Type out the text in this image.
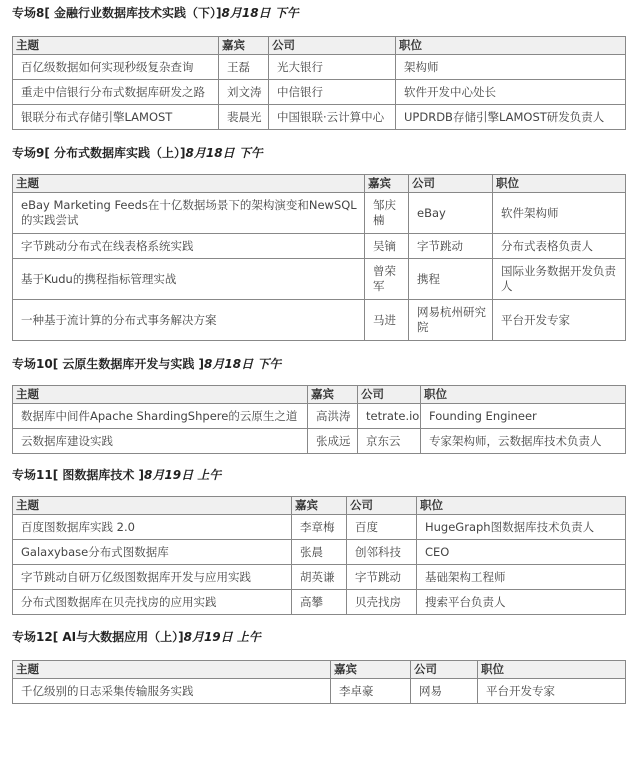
专场8[ 金融行业数据库技术实践（下）]8月18日 下午

主题	嘉宾	公司	职位
百亿级数据如何实现秒级复杂查询	王磊	光大银行	架构师
重走中信银行分布式数据库研发之路	刘文涛	中信银行	软件开发中心处长
银联分布式存储引擎LAMOST	裴晨光	中国银联·云计算中心	UPDRDB存储引擎LAMOST研发负责人

专场9[ 分布式数据库实践（上）]8月18日 下午

主题	嘉宾	公司	职位
eBay Marketing Feeds在十亿数据场景下的架构演变和NewSQL的实践尝试	邹庆楠	eBay	软件架构师
字节跳动分布式在线表格系统实践	吴镝	字节跳动	分布式表格负责人
基于Kudu的携程指标管理实战	曾荣军	携程	国际业务数据开发负责人
一种基于流计算的分布式事务解决方案	马进	网易杭州研究院	平台开发专家

专场10[ 云原生数据库开发与实践 ]8月18日 下午

主题	嘉宾	公司	职位
数据库中间件Apache ShardingShpere的云原生之道	高洪涛	tetrate.io	Founding Engineer
云数据库建设实践	张成远	京东云	专家架构师，云数据库技术负责人

专场11[ 图数据库技术 ]8月19日 上午

主题	嘉宾	公司	职位
百度图数据库实践 2.0	李章梅	百度	HugeGraph图数据库技术负责人
Galaxybase分布式图数据库	张晨	创邻科技	CEO
字节跳动自研万亿级图数据库开发与应用实践	胡英谦	字节跳动	基础架构工程师
分布式图数据库在贝壳找房的应用实践	高攀	贝壳找房	搜索平台负责人

专场12[ AI与大数据应用（上）]8月19日 上午

主题	嘉宾	公司	职位
千亿级别的日志采集传输服务实践	李卓豪	网易	平台开发专家
